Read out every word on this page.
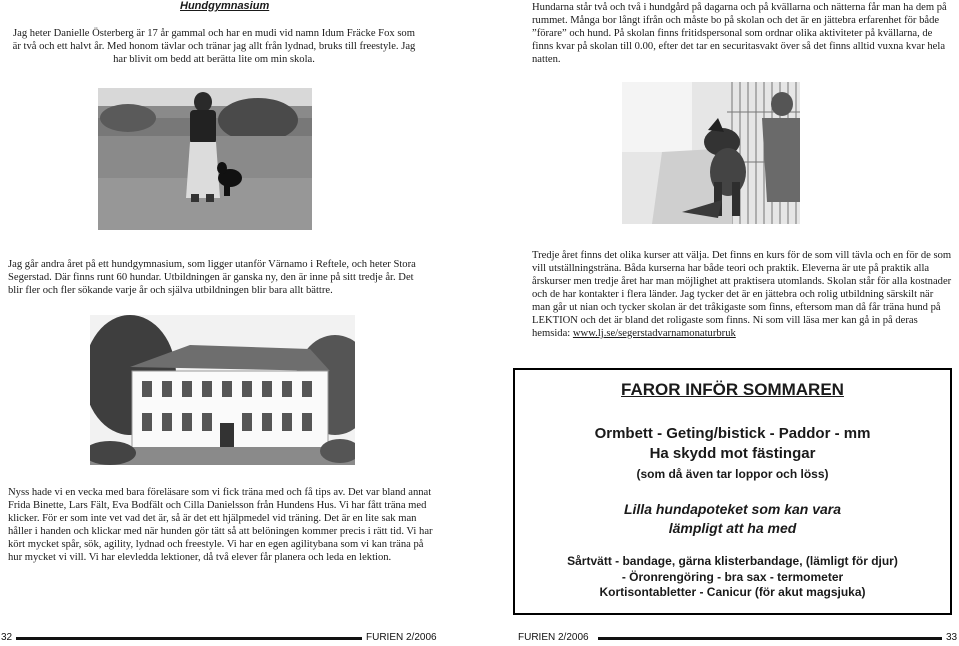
Hundgymnasium
Jag heter Danielle Österberg är 17 år gammal och har en mudi vid namn Idum Fräcke Fox som är två och ett halvt år. Med honom tävlar och tränar jag allt från lydnad, bruks till freestyle. Jag har blivit om bedd att berätta lite om min skola.
Jag går andra året på ett hundgymnasium, som ligger utanför Värnamo i Reftele, och heter Stora Segerstad. Där finns runt 60 hundar. Utbildningen är ganska ny, den är inne på sitt tredje år. Det blir fler och fler sökande varje år och själva utbildningen blir bara allt bättre.
Nyss hade vi en vecka med bara föreläsare som vi fick träna med och få tips av. Det var bland annat Frida Binette, Lars Fält, Eva Bodfält och Cilla Danielsson från Hundens Hus. Vi har fått träna med klicker. För er som inte vet vad det är, så är det ett hjälpmedel vid träning. Det är en lite sak man håller i handen och klickar med när hunden gör tätt så att belöningen kommer precis i rätt tid. Vi har kört mycket spår, sök, agility, lydnad och freestyle. Vi har en egen agilitybana som vi kan träna på hur mycket vi vill. Vi har elevledda lektioner, då två elever får planera och leda en lektion.
Hundarna står två och två i hundgård på dagarna och på kvällarna och nätterna får man ha dem på rummet. Många bor långt ifrån och måste bo på skolan och det är en jättebra erfarenhet för både ”förare” och hund. På skolan finns fritidspersonal som ordnar olika aktiviteter på kvällarna, de finns kvar på skolan till 0.00, efter det tar en securitasvakt över så det finns alltid vuxna kvar hela natten.
Tredje året finns det olika kurser att välja. Det finns en kurs för de som vill tävla och en för de som vill utställningsträna. Båda kurserna har både teori och praktik. Eleverna är ute på praktik alla årskurser men tredje året har man möjlighet att praktisera utomlands. Skolan står för alla kostnader och de har kontakter i flera länder. Jag tycker det är en jättebra och rolig utbildning särskilt när man går ut nian och tycker skolan är det tråkigaste som finns, eftersom man då får träna hund på LEKTION och det är bland det roligaste som finns. Ni som vill läsa mer kan gå in på deras hemsida: www.lj.se/segerstadvarnamonaturbruk
FAROR INFÖR SOMMAREN
Ormbett - Geting/bistick - Paddor - mm
Ha skydd mot fästingar
(som då även tar loppor och löss)
Lilla hundapoteket som kan vara
lämpligt att ha med
Sårtvätt - bandage, gärna klisterbandage, (lämligt för djur)
- Öronrengöring - bra sax - termometer
Kortisontabletter - Canicur (för akut magsjuka)
32	FURIEN 2/2006	FURIEN 2/2006	33
